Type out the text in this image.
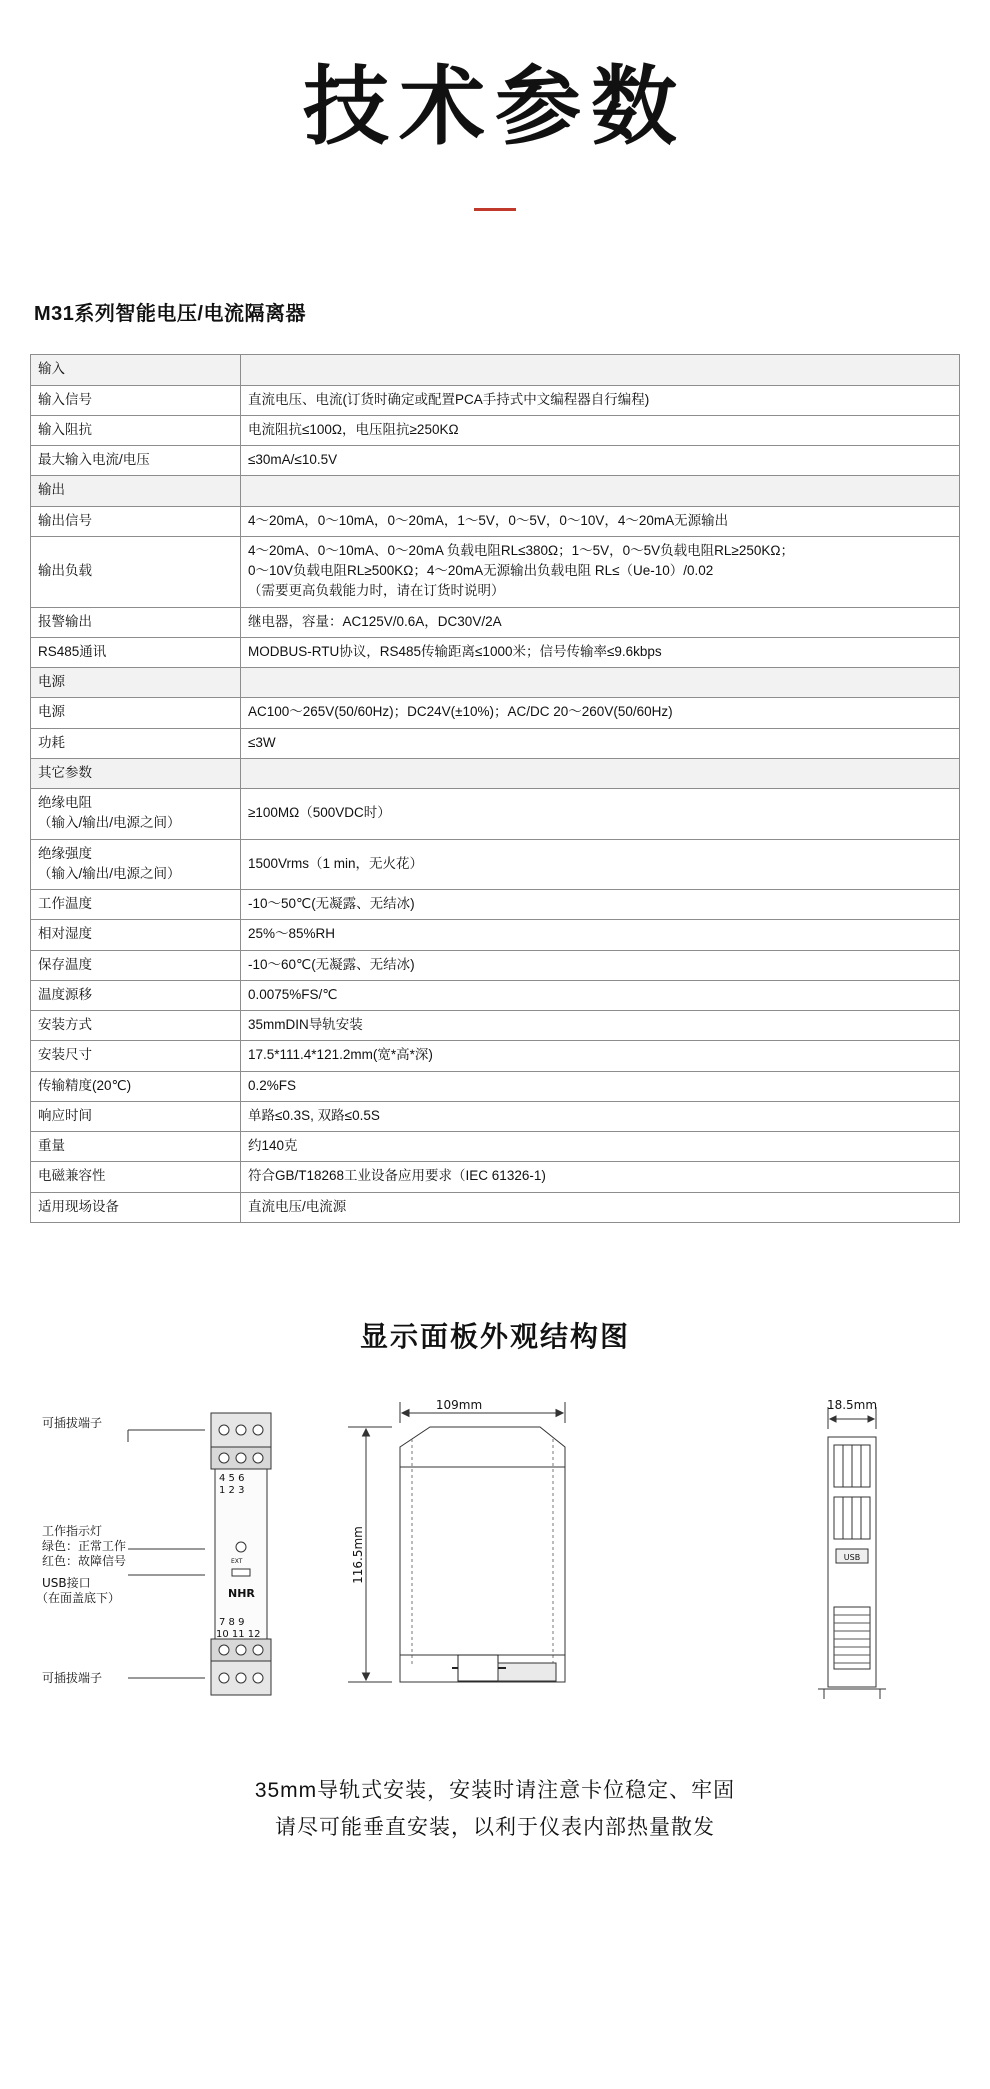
技术参数
M31系列智能电压/电流隔离器
输入	
输入信号	直流电压、电流(订货时确定或配置PCA手持式中文编程器自行编程)
输入阻抗	电流阻抗≤100Ω，电压阻抗≥250KΩ
最大输入电流/电压	≤30mA/≤10.5V
输出	
输出信号	4～20mA，0～10mA，0～20mA，1～5V，0～5V，0～10V，4～20mA无源输出
输出负载	4～20mA、0～10mA、0～20mA 负载电阻RL≤380Ω；1～5V，0～5V负载电阻RL≥250KΩ；
0～10V负载电阻RL≥500KΩ；4～20mA无源输出负载电阻 RL≤（Ue-10）/0.02
（需要更高负载能力时，请在订货时说明）
报警输出	继电器，容量：AC125V/0.6A，DC30V/2A
RS485通讯	MODBUS-RTU协议，RS485传输距离≤1000米；信号传输率≤9.6kbps
电源	
电源	AC100～265V(50/60Hz)；DC24V(±10%)；AC/DC 20～260V(50/60Hz)
功耗	≤3W
其它参数	
绝缘电阻
（输入/输出/电源之间）	≥100MΩ（500VDC时）
绝缘强度
（输入/输出/电源之间）	1500Vrms（1 min，无火花）
工作温度	-10～50℃(无凝露、无结冰)
相对湿度	25%～85%RH
保存温度	-10～60℃(无凝露、无结冰)
温度源移	0.0075%FS/℃
安装方式	35mmDIN导轨安装
安装尺寸	17.5*111.4*121.2mm(宽*高*深)
传输精度(20℃)	0.2%FS
响应时间	单路≤0.3S, 双路≤0.5S
重量	约140克
电磁兼容性	符合GB/T18268工业设备应用要求（IEC 61326-1)
适用现场设备	直流电压/电流源
显示面板外观结构图
可插拔端子
工作指示灯
绿色：正常工作
红色：故障信号
USB接口
（在面盖底下）
可插拔端子
4 5 6
1 2 3
EXT
NHR
7 8 9
10 11 12
109mm
116.5mm
18.5mm
USB
35mm导轨式安装，安装时请注意卡位稳定、牢固
请尽可能垂直安装，以利于仪表内部热量散发
